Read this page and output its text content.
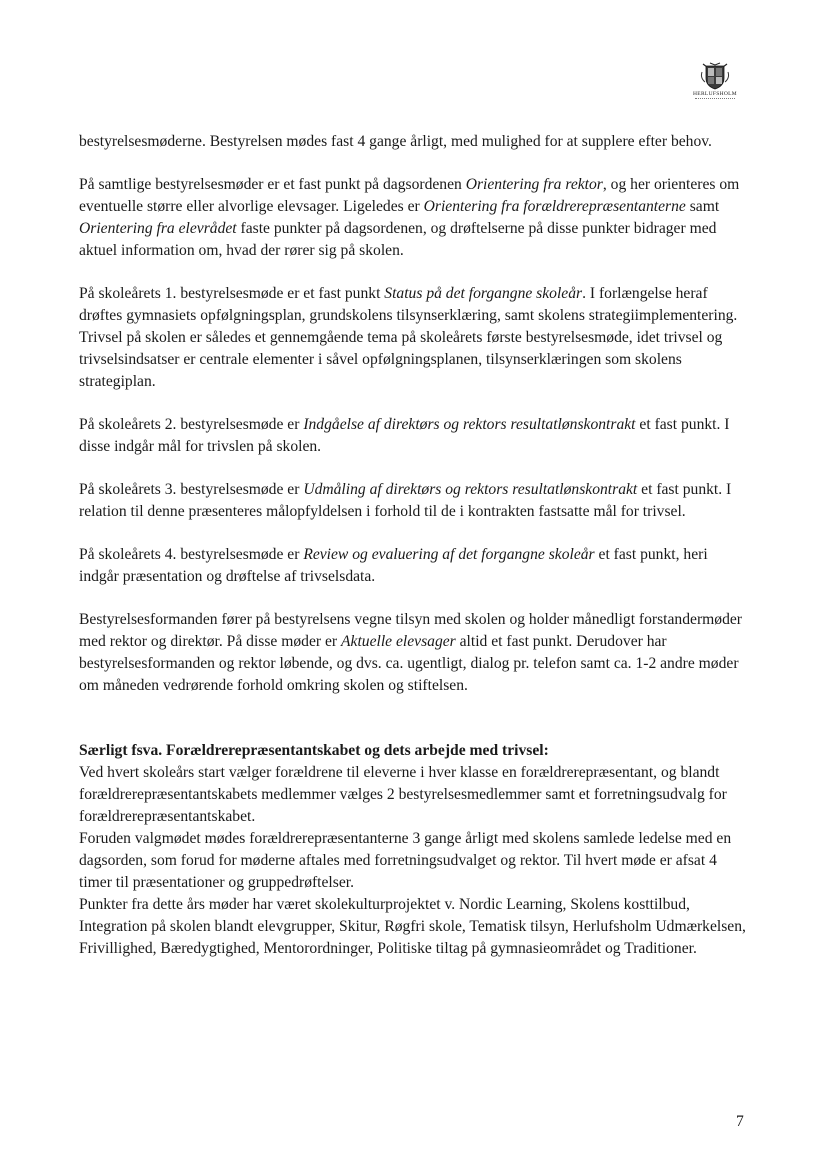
HERLUFSHOLM

bestyrelsesmøderne. Bestyrelsen mødes fast 4 gange årligt, med mulighed for at supplere efter behov.

På samtlige bestyrelsesmøder er et fast punkt på dagsordenen Orientering fra rektor, og her orienteres om eventuelle større eller alvorlige elevsager. Ligeledes er Orientering fra forældrerepræsentanterne samt Orientering fra elevrådet faste punkter på dagsordenen, og drøftelserne på disse punkter bidrager med aktuel information om, hvad der rører sig på skolen.

På skoleårets 1. bestyrelsesmøde er et fast punkt Status på det forgangne skoleår. I forlængelse heraf drøftes gymnasiets opfølgningsplan, grundskolens tilsynserklæring, samt skolens strategiimplementering. Trivsel på skolen er således et gennemgående tema på skoleårets første bestyrelsesmøde, idet trivsel og trivselsindsatser er centrale elementer i såvel opfølgningsplanen, tilsynserklæringen som skolens strategiplan.

På skoleårets 2. bestyrelsesmøde er Indgåelse af direktørs og rektors resultatlønskontrakt et fast punkt. I disse indgår mål for trivslen på skolen.

På skoleårets 3. bestyrelsesmøde er Udmåling af direktørs og rektors resultatlønskontrakt et fast punkt. I relation til denne præsenteres målopfyldelsen i forhold til de i kontrakten fastsatte mål for trivsel.

På skoleårets 4. bestyrelsesmøde er Review og evaluering af det forgangne skoleår et fast punkt, heri indgår præsentation og drøftelse af trivselsdata.

Bestyrelsesformanden fører på bestyrelsens vegne tilsyn med skolen og holder månedligt forstandermøder med rektor og direktør. På disse møder er Aktuelle elevsager altid et fast punkt. Derudover har bestyrelsesformanden og rektor løbende, og dvs. ca. ugentligt, dialog pr. telefon samt ca. 1-2 andre møder om måneden vedrørende forhold omkring skolen og stiftelsen.

Særligt fsva. Forældrerepræsentantskabet og dets arbejde med trivsel:
Ved hvert skoleårs start vælger forældrene til eleverne i hver klasse en forældrerepræsentant, og blandt forældrerepræsentantskabets medlemmer vælges 2 bestyrelsesmedlemmer samt et forretningsudvalg for forældrerepræsentantskabet.
Foruden valgmødet mødes forældrerepræsentanterne 3 gange årligt med skolens samlede ledelse med en dagsorden, som forud for møderne aftales med forretningsudvalget og rektor. Til hvert møde er afsat 4 timer til præsentationer og gruppedrøftelser.
Punkter fra dette års møder har været skolekulturprojektet v. Nordic Learning, Skolens kosttilbud, Integration på skolen blandt elevgrupper, Skitur, Røgfri skole, Tematisk tilsyn, Herlufsholm Udmærkelsen, Frivillighed, Bæredygtighed, Mentorordninger, Politiske tiltag på gymnasieområdet og Traditioner.

7
